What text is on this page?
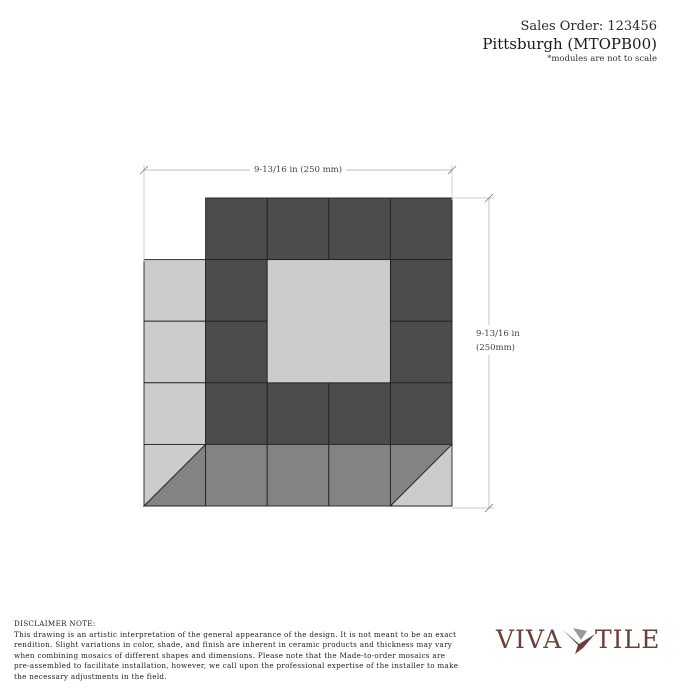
Sales Order: 123456
Pittsburgh (MTOPB00)
*modules are not to scale
9-13/16 in (250 mm)
9-13/16 in
(250mm)
DISCLAIMER NOTE:
This drawing is an artistic interpretation of the general appearance of the design. It is not meant to be an exact
rendition. Slight variations in color, shade, and finish are inherent in ceramic products and thickness may vary
when combining mosaics of different shapes and dimensions. Please note that the Made-to-order mosaics are
pre-assembled to facilitate installation, however, we call upon the professional expertise of the installer to make
the necessary adjustments in the field.
VIVA TILE
